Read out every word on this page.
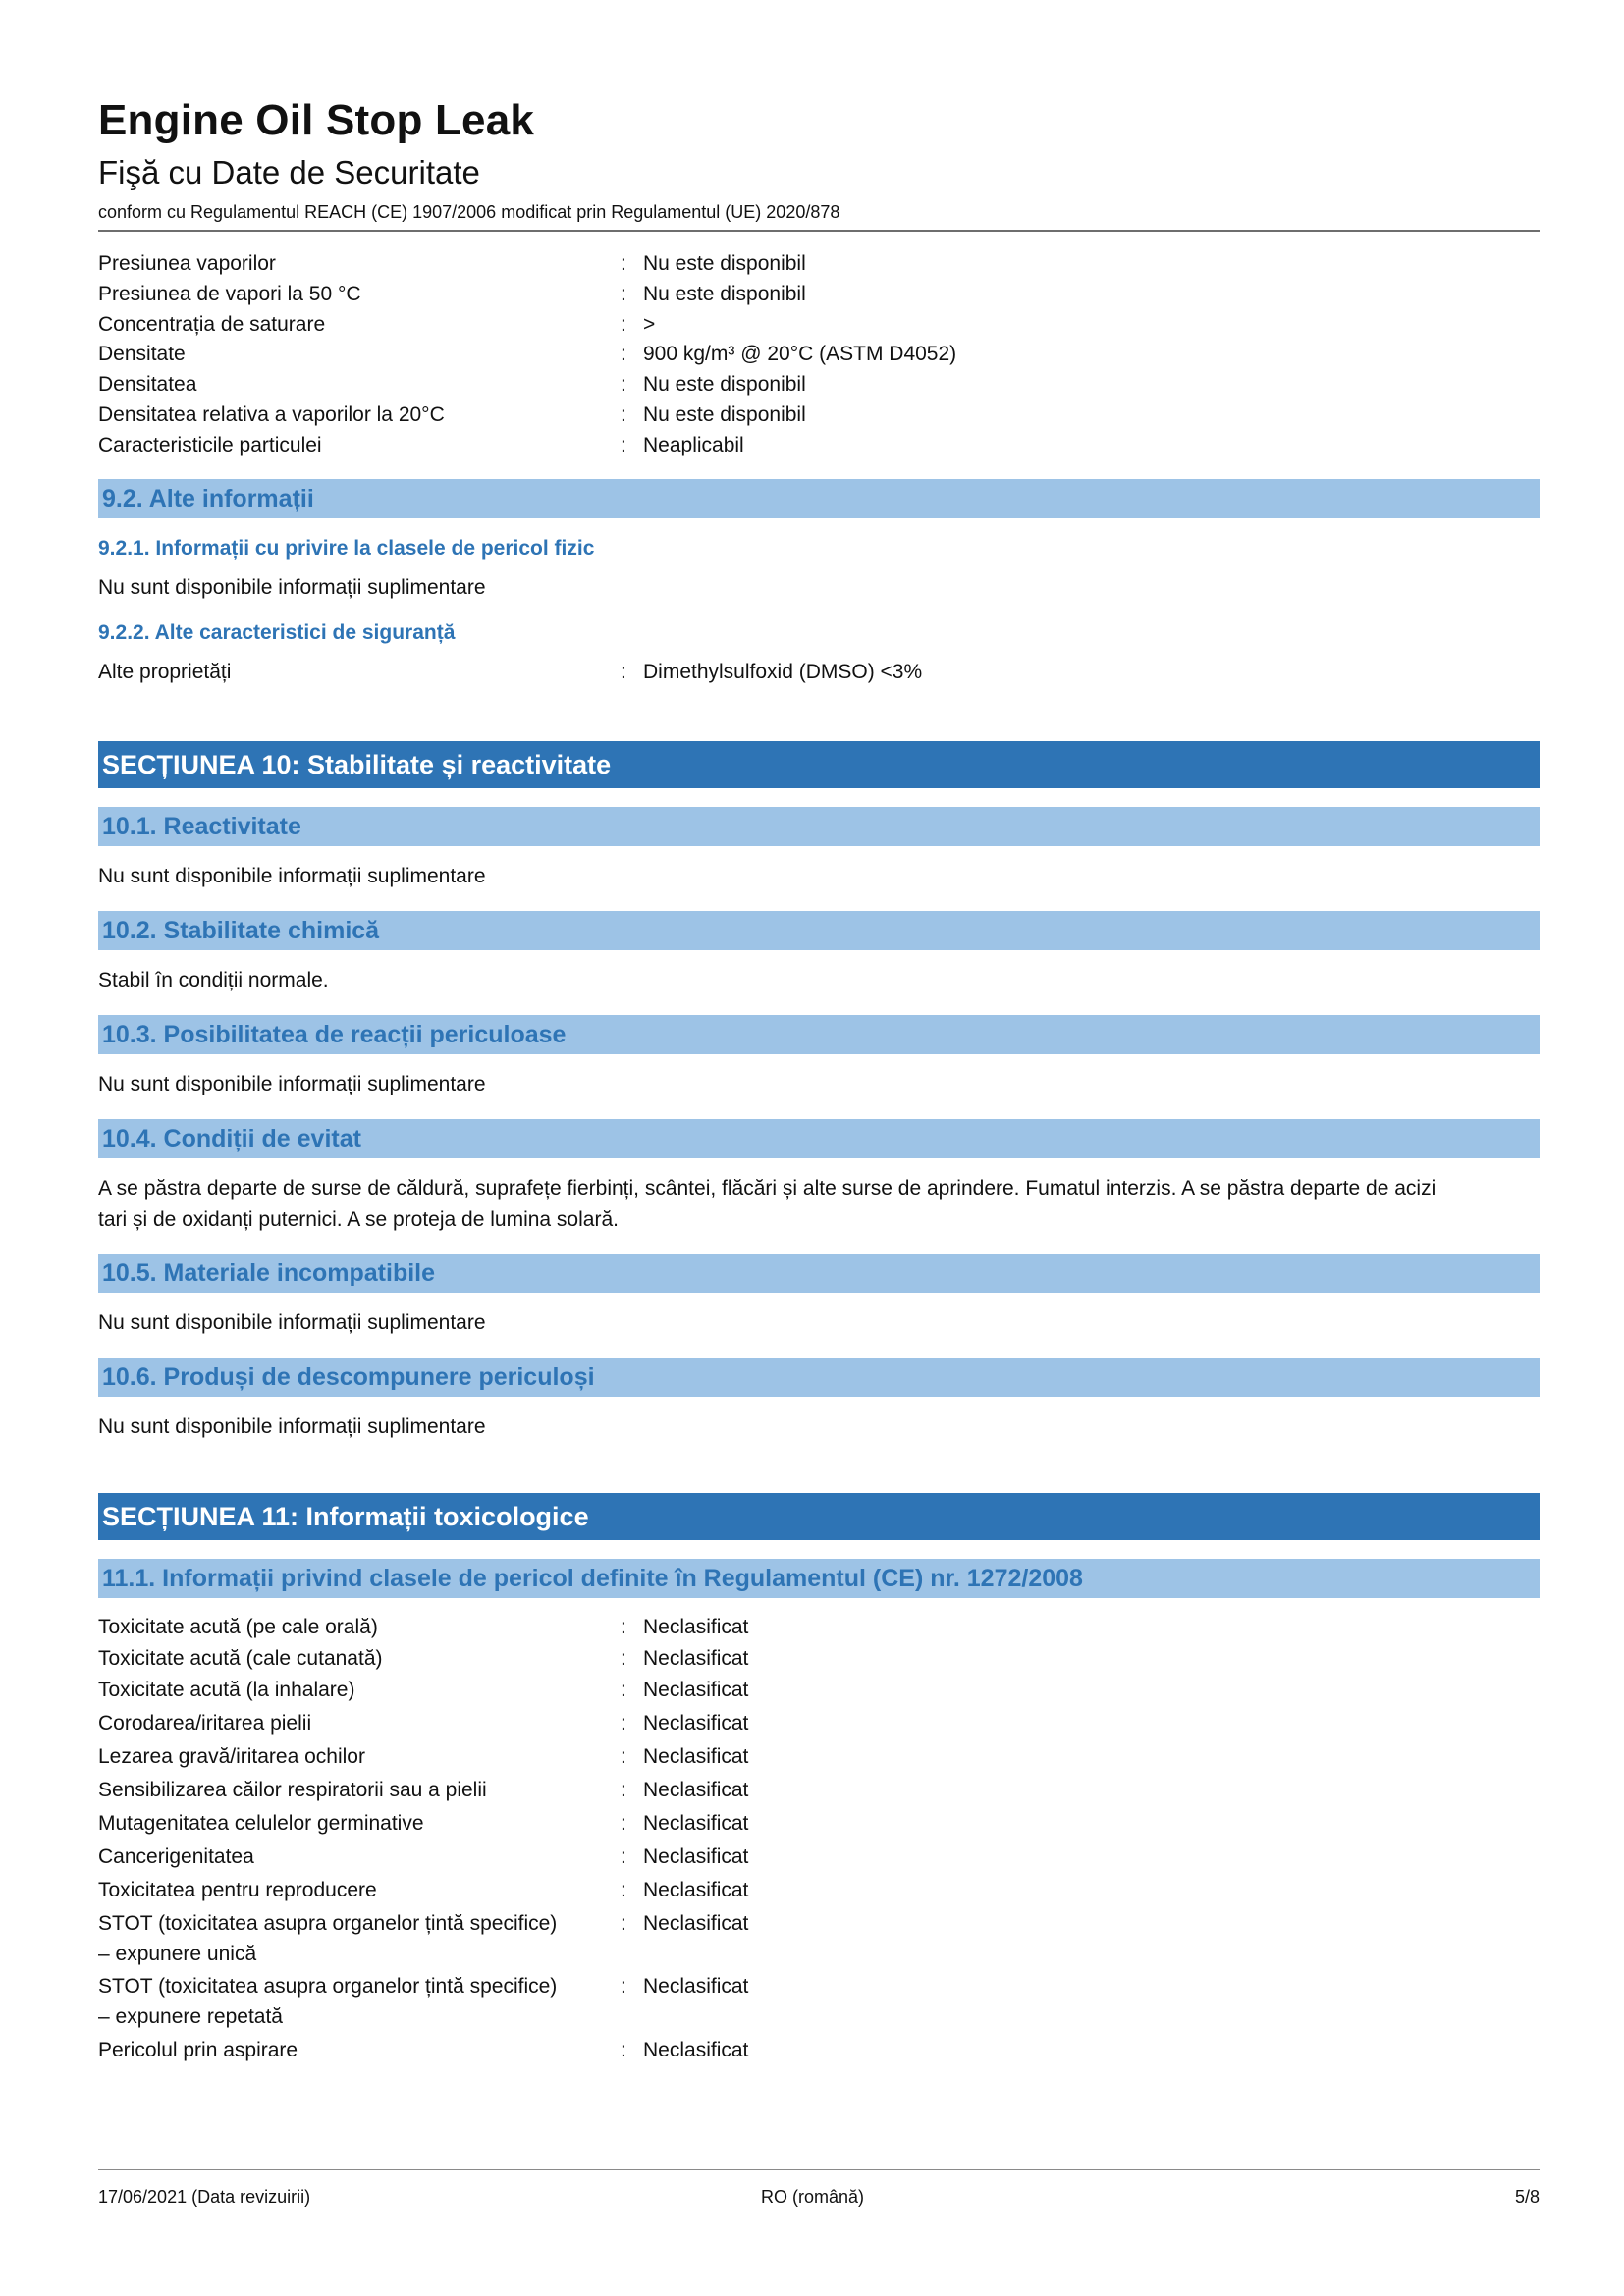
Engine Oil Stop Leak
Fişă cu Date de Securitate
conform cu Regulamentul REACH (CE) 1907/2006 modificat prin Regulamentul (UE) 2020/878
Presiunea vaporilor	: Nu este disponibil
Presiunea de vapori la 50 °C	: Nu este disponibil
Concentrația de saturare	: >
Densitate	: 900 kg/m³ @ 20°C (ASTM D4052)
Densitatea	: Nu este disponibil
Densitatea relativa a vaporilor la 20°C	: Nu este disponibil
Caracteristicile particulei	: Neaplicabil
9.2. Alte informații
9.2.1. Informații cu privire la clasele de pericol fizic
Nu sunt disponibile informații suplimentare
9.2.2. Alte caracteristici de siguranță
Alte proprietăți	: Dimethylsulfoxid (DMSO) <3%
SECȚIUNEA 10: Stabilitate și reactivitate
10.1. Reactivitate
Nu sunt disponibile informații suplimentare
10.2. Stabilitate chimică
Stabil în condiții normale.
10.3. Posibilitatea de reacții periculoase
Nu sunt disponibile informații suplimentare
10.4. Condiții de evitat
A se păstra departe de surse de căldură, suprafețe fierbinți, scântei, flăcări și alte surse de aprindere. Fumatul interzis. A se păstra departe de acizi
tari și de oxidanți puternici. A se proteja de lumina solară.
10.5. Materiale incompatibile
Nu sunt disponibile informații suplimentare
10.6. Produși de descompunere periculoși
Nu sunt disponibile informații suplimentare
SECȚIUNEA 11: Informații toxicologice
11.1. Informații privind clasele de pericol definite în Regulamentul (CE) nr. 1272/2008
Toxicitate acută (pe cale orală)	: Neclasificat
Toxicitate acută (cale cutanată)	: Neclasificat
Toxicitate acută (la inhalare)	: Neclasificat
Corodarea/iritarea pielii	: Neclasificat
Lezarea gravă/iritarea ochilor	: Neclasificat
Sensibilizarea căilor respiratorii sau a pielii	: Neclasificat
Mutagenitatea celulelor germinative	: Neclasificat
Cancerigenitatea	: Neclasificat
Toxicitatea pentru reproducere	: Neclasificat
STOT (toxicitatea asupra organelor țintă specifice)	: Neclasificat
– expunere unică
STOT (toxicitatea asupra organelor țintă specifice)	: Neclasificat
– expunere repetată
Pericolul prin aspirare	: Neclasificat
17/06/2021 (Data revizuirii)	RO (română)	5/8
